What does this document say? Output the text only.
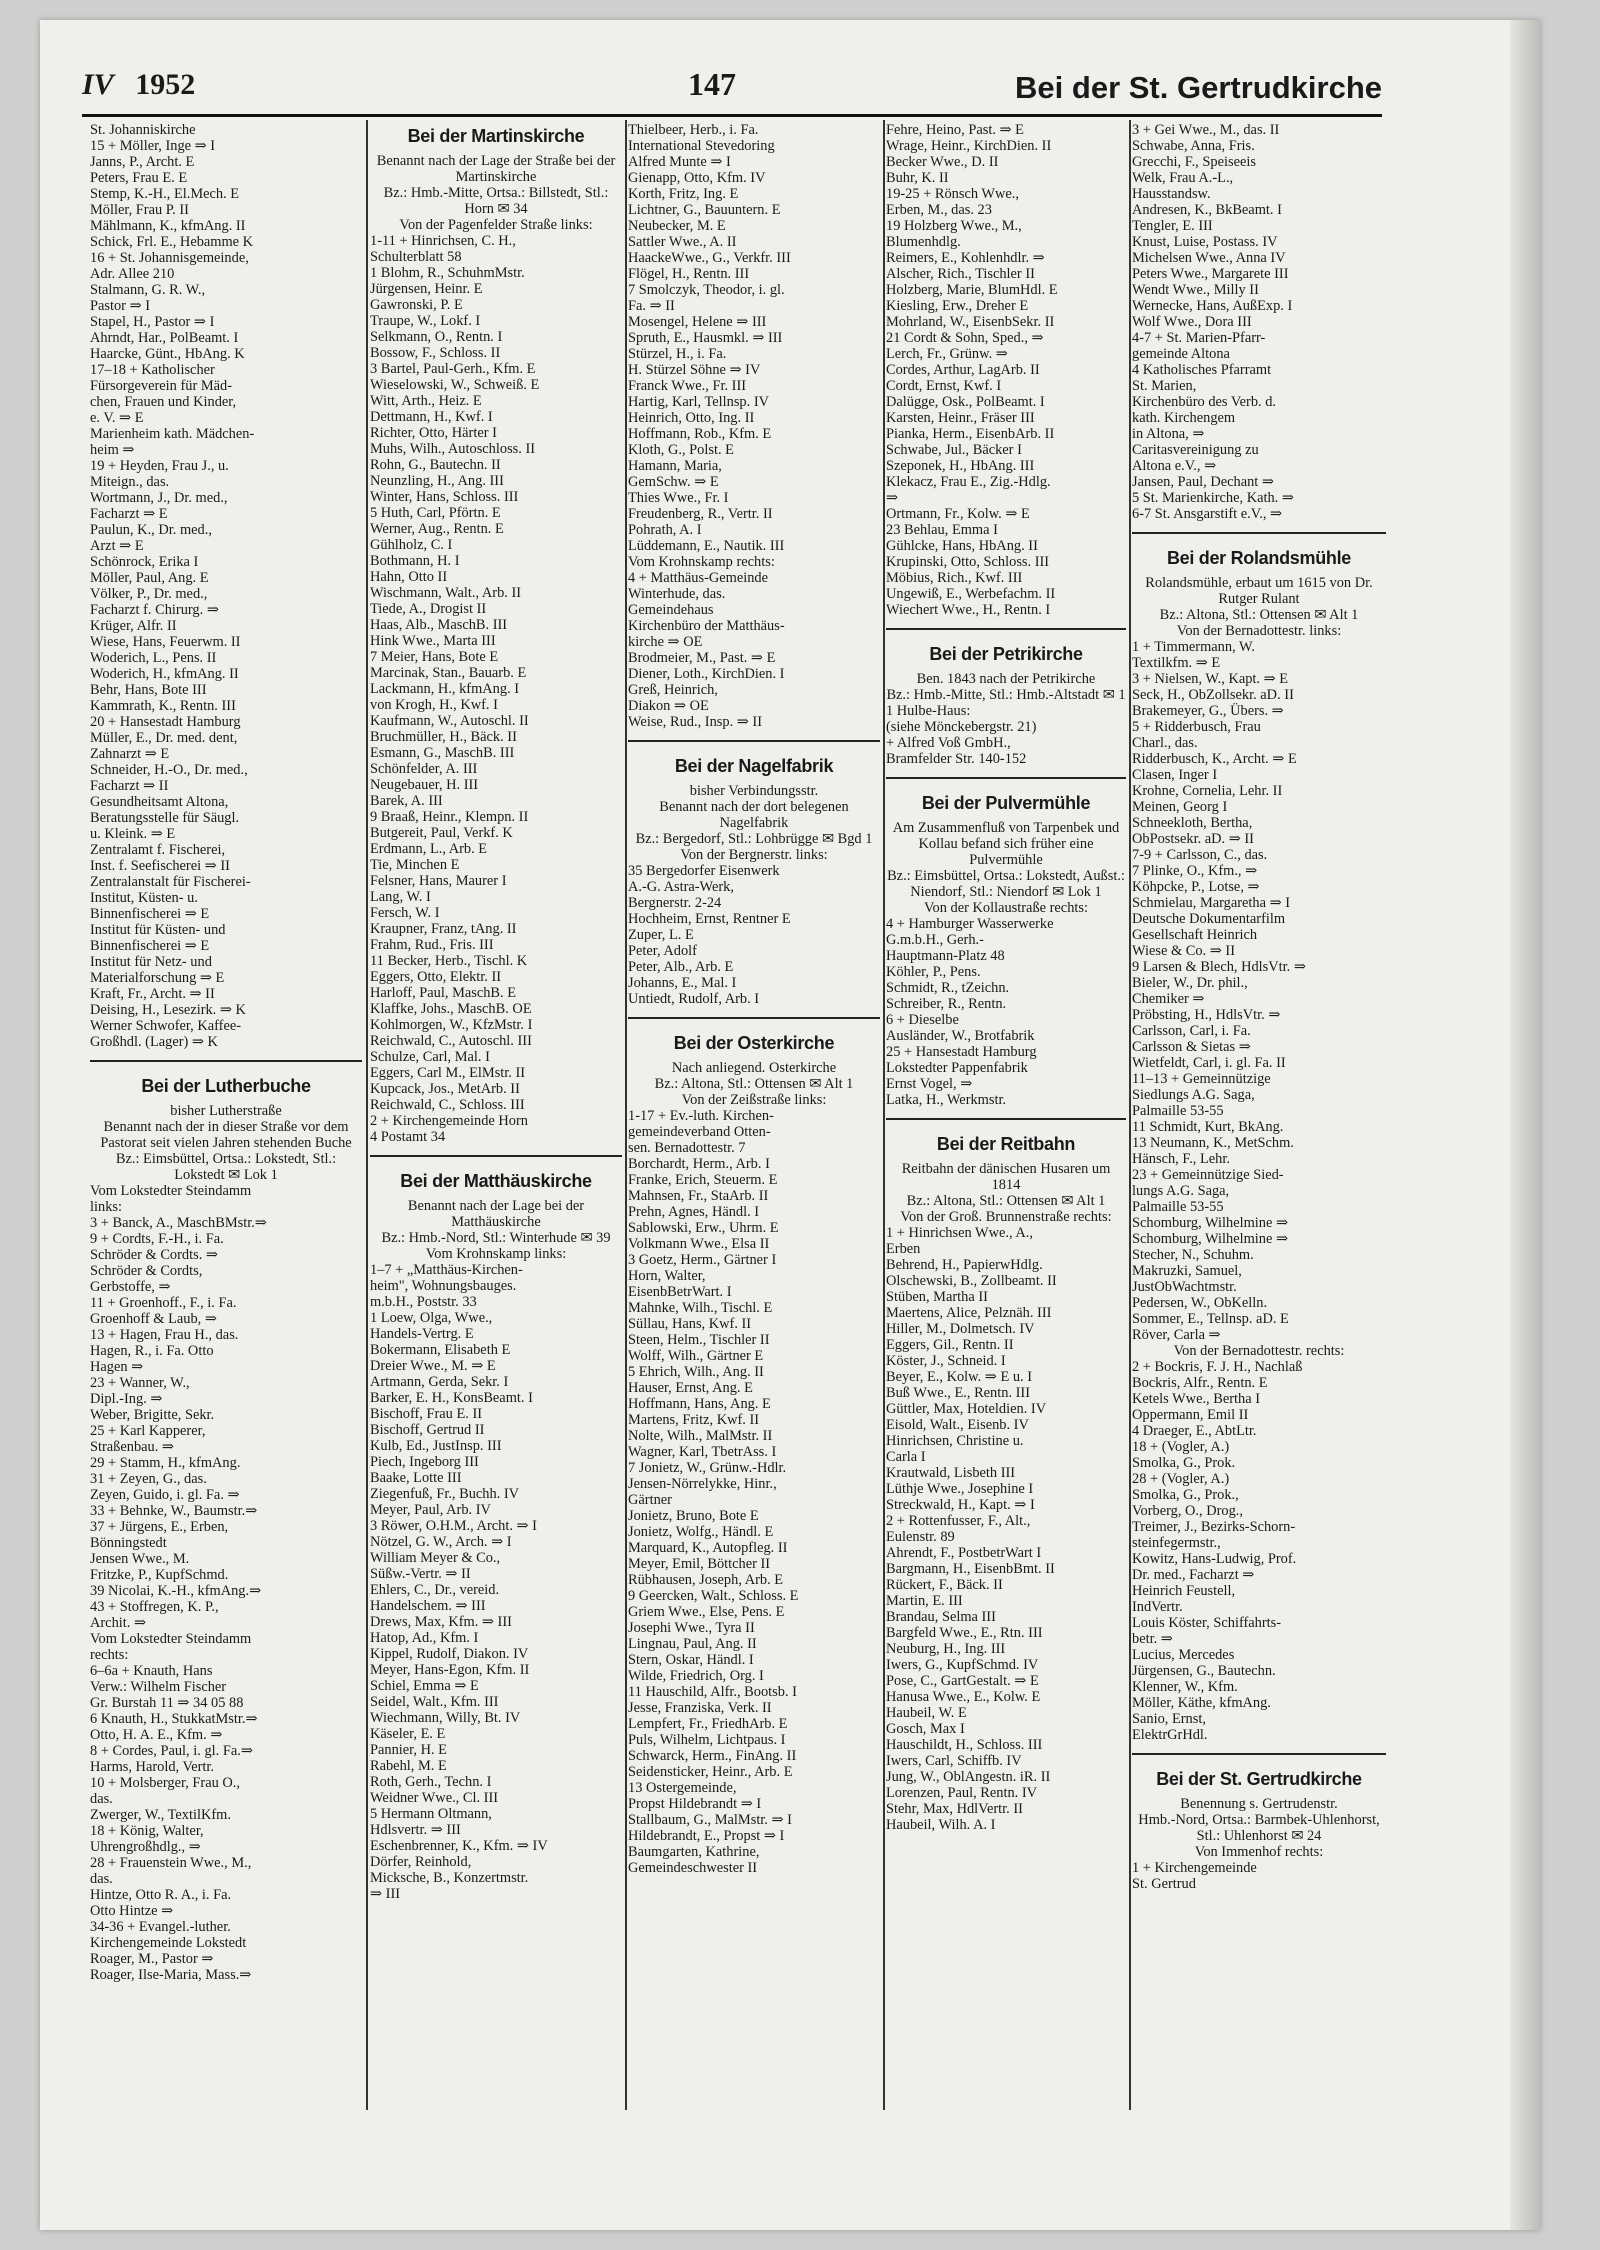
IV 1952	147	Bei der St. Gertrudkirche
St. Johanniskirche
15 + Möller, Inge ⇒ I
Janns, P., Archt. E
Peters, Frau E. E
Stemp, K.-H., El.Mech. E
Möller, Frau P. II
Mählmann, K., kfmAng. II
Schick, Frl. E., Hebamme K
16 + St. Johannisgemeinde,
Adr. Allee 210
Stalmann, G. R. W.,
Pastor ⇒ I
Stapel, H., Pastor ⇒ I
Ahrndt, Har., PolBeamt. I
Haarcke, Günt., HbAng. K
17–18 + Katholischer
Fürsorgeverein für Mäd-
chen, Frauen und Kinder,
e. V. ⇒ E
Marienheim kath. Mädchen-
heim ⇒
19 + Heyden, Frau J., u.
Miteign., das.
Wortmann, J., Dr. med.,
Facharzt ⇒ E
Paulun, K., Dr. med.,
Arzt ⇒ E
Schönrock, Erika I
Möller, Paul, Ang. E
Völker, P., Dr. med.,
Facharzt f. Chirurg. ⇒
Krüger, Alfr. II
Wiese, Hans, Feuerwm. II
Woderich, L., Pens. II
Woderich, H., kfmAng. II
Behr, Hans, Bote III
Kammrath, K., Rentn. III
20 + Hansestadt Hamburg
Müller, E., Dr. med. dent,
Zahnarzt ⇒ E
Schneider, H.-O., Dr. med.,
Facharzt ⇒ II
Gesundheitsamt Altona,
Beratungsstelle für Säugl.
u. Kleink. ⇒ E
Zentralamt f. Fischerei,
Inst. f. Seefischerei ⇒ II
Zentralanstalt für Fischerei-
Institut, Küsten- u.
Binnenfischerei ⇒ E
Institut für Küsten- und
Binnenfischerei ⇒ E
Institut für Netz- und
Materialforschung ⇒ E
Kraft, Fr., Archt. ⇒ II
Deising, H., Lesezirk. ⇒ K
Werner Schwofer, Kaffee-
Großhdl. (Lager) ⇒ K
Bei der Lutherbuche
bisher Lutherstraße
Benannt nach der in dieser Straße vor dem Pastorat seit vielen Jahren stehenden Buche
Bz.: Eimsbüttel, Ortsa.: Lokstedt, Stl.: Lokstedt ✉ Lok 1
Vom Lokstedter Steindamm
links:
3 + Banck, A., MaschBMstr.⇒
9 + Cordts, F.-H., i. Fa.
Schröder & Cordts. ⇒
Schröder & Cordts,
Gerbstoffe, ⇒
11 + Groenhoff., F., i. Fa.
Groenhoff & Laub, ⇒
13 + Hagen, Frau H., das.
Hagen, R., i. Fa. Otto
Hagen ⇒
23 + Wanner, W.,
Dipl.-Ing. ⇒
Weber, Brigitte, Sekr.
25 + Karl Kapperer,
Straßenbau. ⇒
29 + Stamm, H., kfmAng.
31 + Zeyen, G., das.
Zeyen, Guido, i. gl. Fa. ⇒
33 + Behnke, W., Baumstr.⇒
37 + Jürgens, E., Erben,
Bönningstedt
Jensen Wwe., M.
Fritzke, P., KupfSchmd.
39 Nicolai, K.-H., kfmAng.⇒
43 + Stoffregen, K. P.,
Archit. ⇒
Vom Lokstedter Steindamm
rechts:
6–6a + Knauth, Hans
Verw.: Wilhelm Fischer
Gr. Burstah 11 ⇒ 34 05 88
6 Knauth, H., StukkatMstr.⇒
Otto, H. A. E., Kfm. ⇒
8 + Cordes, Paul, i. gl. Fa.⇒
Harms, Harold, Vertr.
10 + Molsberger, Frau O.,
das.
Zwerger, W., TextilKfm.
18 + König, Walter,
Uhrengroßhdlg., ⇒
28 + Frauenstein Wwe., M.,
das.
Hintze, Otto R. A., i. Fa.
Otto Hintze ⇒
34-36 + Evangel.-luther.
Kirchengemeinde Lokstedt
Roager, M., Pastor ⇒
Roager, Ilse-Maria, Mass.⇒
Bei der Martinskirche
Benannt nach der Lage der Straße bei der Martinskirche
Bz.: Hmb.-Mitte, Ortsa.: Billstedt, Stl.: Horn ✉ 34
Von der Pagenfelder Straße links:
1-11 + Hinrichsen, C. H.,
Schulterblatt 58
1 Blohm, R., SchuhmMstr.
Jürgensen, Heinr. E
Gawronski, P. E
Traupe, W., Lokf. I
Selkmann, O., Rentn. I
Bossow, F., Schloss. II
3 Bartel, Paul-Gerh., Kfm. E
Wieselowski, W., Schweiß. E
Witt, Arth., Heiz. E
Dettmann, H., Kwf. I
Richter, Otto, Härter I
Muhs, Wilh., Autoschloss. II
Rohn, G., Bautechn. II
Neunzling, H., Ang. III
Winter, Hans, Schloss. III
5 Huth, Carl, Pförtn. E
Werner, Aug., Rentn. E
Gühlholz, C. I
Bothmann, H. I
Hahn, Otto II
Wischmann, Walt., Arb. II
Tiede, A., Drogist II
Haas, Alb., MaschB. III
Hink Wwe., Marta III
7 Meier, Hans, Bote E
Marcinak, Stan., Bauarb. E
Lackmann, H., kfmAng. I
von Krogh, H., Kwf. I
Kaufmann, W., Autoschl. II
Bruchmüller, H., Bäck. II
Esmann, G., MaschB. III
Schönfelder, A. III
Neugebauer, H. III
Barek, A. III
9 Braaß, Heinr., Klempn. II
Butgereit, Paul, Verkf. K
Erdmann, L., Arb. E
Tie, Minchen E
Felsner, Hans, Maurer I
Lang, W. I
Fersch, W. I
Kraupner, Franz, tAng. II
Frahm, Rud., Fris. III
11 Becker, Herb., Tischl. K
Eggers, Otto, Elektr. II
Harloff, Paul, MaschB. E
Klaffke, Johs., MaschB. OE
Kohlmorgen, W., KfzMstr. I
Reichwald, C., Autoschl. III
Schulze, Carl, Mal. I
Eggers, Carl M., ElMstr. II
Kupcack, Jos., MetArb. II
Reichwald, C., Schloss. III
2 + Kirchengemeinde Horn
4 Postamt 34
Bei der Matthäuskirche
Benannt nach der Lage bei der Matthäuskirche
Bz.: Hmb.-Nord, Stl.: Winterhude ✉ 39
Vom Krohnskamp links:
1–7 + „Matthäus-Kirchen-
heim", Wohnungsbauges.
m.b.H., Poststr. 33
1 Loew, Olga, Wwe.,
Handels-Vertrg. E
Bokermann, Elisabeth E
Dreier Wwe., M. ⇒ E
Artmann, Gerda, Sekr. I
Barker, E. H., KonsBeamt. I
Bischoff, Frau E. II
Bischoff, Gertrud II
Kulb, Ed., JustInsp. III
Piech, Ingeborg III
Baake, Lotte III
Ziegenfuß, Fr., Buchh. IV
Meyer, Paul, Arb. IV
3 Röwer, O.H.M., Archt. ⇒ I
Nötzel, G. W., Arch. ⇒ I
William Meyer & Co.,
Süßw.-Vertr. ⇒ II
Ehlers, C., Dr., vereid.
Handelschem. ⇒ III
Drews, Max, Kfm. ⇒ III
Hatop, Ad., Kfm. I
Kippel, Rudolf, Diakon. IV
Meyer, Hans-Egon, Kfm. II
Schiel, Emma ⇒ E
Seidel, Walt., Kfm. III
Wiechmann, Willy, Bt. IV
Käseler, E. E
Pannier, H. E
Rabehl, M. E
Roth, Gerh., Techn. I
Weidner Wwe., Cl. III
5 Hermann Oltmann,
Hdlsvertr. ⇒ III
Eschenbrenner, K., Kfm. ⇒ IV
Dörfer, Reinhold,
Micksche, B., Konzertmstr.
⇒ III
Thielbeer, Herb., i. Fa.
International Stevedoring
Alfred Munte ⇒ I
Gienapp, Otto, Kfm. IV
Korth, Fritz, Ing. E
Lichtner, G., Bauuntern. E
Neubecker, M. E
Sattler Wwe., A. II
HaackeWwe., G., Verkfr. III
Flögel, H., Rentn. III
7 Smolczyk, Theodor, i. gl.
Fa. ⇒ II
Mosengel, Helene ⇒ III
Spruth, E., Hausmkl. ⇒ III
Stürzel, H., i. Fa.
H. Stürzel Söhne ⇒ IV
Franck Wwe., Fr. III
Hartig, Karl, Tellnsp. IV
Heinrich, Otto, Ing. II
Hoffmann, Rob., Kfm. E
Kloth, G., Polst. E
Hamann, Maria,
GemSchw. ⇒ E
Thies Wwe., Fr. I
Freudenberg, R., Vertr. II
Pohrath, A. I
Lüddemann, E., Nautik. III
Vom Krohnskamp rechts:
4 + Matthäus-Gemeinde
Winterhude, das.
Gemeindehaus
Kirchenbüro der Matthäus-
kirche ⇒ OE
Brodmeier, M., Past. ⇒ E
Diener, Loth., KirchDien. I
Greß, Heinrich,
Diakon ⇒ OE
Weise, Rud., Insp. ⇒ II
Bei der Nagelfabrik
bisher Verbindungsstr.
Benannt nach der dort belegenen Nagelfabrik
Bz.: Bergedorf, Stl.: Lohbrügge ✉ Bgd 1
Von der Bergnerstr. links:
35 Bergedorfer Eisenwerk
A.-G. Astra-Werk,
Bergnerstr. 2-24
Hochheim, Ernst, Rentner E
Zuper, L. E
Peter, Adolf
Peter, Alb., Arb. E
Johanns, E., Mal. I
Untiedt, Rudolf, Arb. I
Bei der Osterkirche
Nach anliegend. Osterkirche
Bz.: Altona, Stl.: Ottensen ✉ Alt 1
Von der Zeißstraße links:
1-17 + Ev.-luth. Kirchen-
gemeindeverband Otten-
sen. Bernadottestr. 7
Borchardt, Herm., Arb. I
Franke, Erich, Steuerm. E
Mahnsen, Fr., StaArb. II
Prehn, Agnes, Händl. I
Sablowski, Erw., Uhrm. E
Volkmann Wwe., Elsa II
3 Goetz, Herm., Gärtner I
Horn, Walter,
EisenbBetrWart. I
Mahnke, Wilh., Tischl. E
Süllau, Hans, Kwf. II
Steen, Helm., Tischler II
Wolff, Wilh., Gärtner E
5 Ehrich, Wilh., Ang. II
Hauser, Ernst, Ang. E
Hoffmann, Hans, Ang. E
Martens, Fritz, Kwf. II
Nolte, Wilh., MalMstr. II
Wagner, Karl, TbetrAss. I
7 Jonietz, W., Grünw.-Hdlr.
Jensen-Nörrelykke, Hinr.,
Gärtner
Jonietz, Bruno, Bote E
Jonietz, Wolfg., Händl. E
Marquard, K., Autopfleg. II
Meyer, Emil, Böttcher II
Rübhausen, Joseph, Arb. E
9 Geercken, Walt., Schloss. E
Griem Wwe., Else, Pens. E
Josephi Wwe., Tyra II
Lingnau, Paul, Ang. II
Stern, Oskar, Händl. I
Wilde, Friedrich, Org. I
11 Hauschild, Alfr., Bootsb. I
Jesse, Franziska, Verk. II
Lempfert, Fr., FriedhArb. E
Puls, Wilhelm, Lichtpaus. I
Schwarck, Herm., FinAng. II
Seidensticker, Heinr., Arb. E
13 Ostergemeinde,
Propst Hildebrandt ⇒ I
Stallbaum, G., MalMstr. ⇒ I
Hildebrandt, E., Propst ⇒ I
Baumgarten, Kathrine,
Gemeindeschwester II
Fehre, Heino, Past. ⇒ E
Wrage, Heinr., KirchDien. II
Becker Wwe., D. II
Buhr, K. II
19-25 + Rönsch Wwe.,
Erben, M., das. 23
19 Holzberg Wwe., M.,
Blumenhdlg.
Reimers, E., Kohlenhdlr. ⇒
Alscher, Rich., Tischler II
Holzberg, Marie, BlumHdl. E
Kiesling, Erw., Dreher E
Mohrland, W., EisenbSekr. II
21 Cordt & Sohn, Sped., ⇒
Lerch, Fr., Grünw. ⇒
Cordes, Arthur, LagArb. II
Cordt, Ernst, Kwf. I
Dalügge, Osk., PolBeamt. I
Karsten, Heinr., Fräser III
Pianka, Herm., EisenbArb. II
Schwabe, Jul., Bäcker I
Szeponek, H., HbAng. III
Klekacz, Frau E., Zig.-Hdlg.
⇒
Ortmann, Fr., Kolw. ⇒ E
23 Behlau, Emma I
Gühlcke, Hans, HbAng. II
Krupinski, Otto, Schloss. III
Möbius, Rich., Kwf. III
Ungewiß, E., Werbefachm. II
Wiechert Wwe., H., Rentn. I
Bei der Petrikirche
Ben. 1843 nach der Petrikirche
Bz.: Hmb.-Mitte, Stl.: Hmb.-Altstadt ✉ 1
1 Hulbe-Haus:
(siehe Mönckebergstr. 21)
+ Alfred Voß GmbH.,
Bramfelder Str. 140-152
Bei der Pulvermühle
Am Zusammenfluß von Tarpenbek und Kollau befand sich früher eine Pulvermühle
Bz.: Eimsbüttel, Ortsa.: Lokstedt, Außst.: Niendorf, Stl.: Niendorf ✉ Lok 1
Von der Kollaustraße rechts:
4 + Hamburger Wasserwerke
G.m.b.H., Gerh.-
Hauptmann-Platz 48
Köhler, P., Pens.
Schmidt, R., tZeichn.
Schreiber, R., Rentn.
6 + Dieselbe
Ausländer, W., Brotfabrik
25 + Hansestadt Hamburg
Lokstedter Pappenfabrik
Ernst Vogel, ⇒
Latka, H., Werkmstr.
Bei der Reitbahn
Reitbahn der dänischen Husaren um 1814
Bz.: Altona, Stl.: Ottensen ✉ Alt 1
Von der Groß. Brunnenstraße rechts:
1 + Hinrichsen Wwe., A.,
Erben
Behrend, H., PapierwHdlg.
Olschewski, B., Zollbeamt. II
Stüben, Martha II
Maertens, Alice, Pelznäh. III
Hiller, M., Dolmetsch. IV
Eggers, Gil., Rentn. II
Köster, J., Schneid. I
Beyer, E., Kolw. ⇒ E u. I
Buß Wwe., E., Rentn. III
Güttler, Max, Hoteldien. IV
Eisold, Walt., Eisenb. IV
Hinrichsen, Christine u.
Carla I
Krautwald, Lisbeth III
Lüthje Wwe., Josephine I
Streckwald, H., Kapt. ⇒ I
2 + Rottenfusser, F., Alt.,
Eulenstr. 89
Ahrendt, F., PostbetrWart I
Bargmann, H., EisenbBmt. II
Rückert, F., Bäck. II
Martin, E. III
Brandau, Selma III
Bargfeld Wwe., E., Rtn. III
Neuburg, H., Ing. III
Iwers, G., KupfSchmd. IV
Pose, C., GartGestalt. ⇒ E
Hanusa Wwe., E., Kolw. E
Haubeil, W. E
Gosch, Max I
Hauschildt, H., Schloss. III
Iwers, Carl, Schiffb. IV
Jung, W., OblAngestn. iR. II
Lorenzen, Paul, Rentn. IV
Stehr, Max, HdlVertr. II
Haubeil, Wilh. A. I
3 + Gei Wwe., M., das. II
Schwabe, Anna, Fris.
Grecchi, F., Speiseeis
Welk, Frau A.-L.,
Hausstandsw.
Andresen, K., BkBeamt. I
Tengler, E. III
Knust, Luise, Postass. IV
Michelsen Wwe., Anna IV
Peters Wwe., Margarete III
Wendt Wwe., Milly II
Wernecke, Hans, AußExp. I
Wolf Wwe., Dora III
4-7 + St. Marien-Pfarr-
gemeinde Altona
4 Katholisches Pfarramt
St. Marien,
Kirchenbüro des Verb. d.
kath. Kirchengem
in Altona, ⇒
Caritasvereinigung zu
Altona e.V., ⇒
Jansen, Paul, Dechant ⇒
5 St. Marienkirche, Kath. ⇒
6-7 St. Ansgarstift e.V., ⇒
Bei der Rolandsmühle
Rolandsmühle, erbaut um 1615 von Dr. Rutger Rulant
Bz.: Altona, Stl.: Ottensen ✉ Alt 1
Von der Bernadottestr. links:
1 + Timmermann, W.
Textilkfm. ⇒ E
3 + Nielsen, W., Kapt. ⇒ E
Seck, H., ObZollsekr. aD. II
Brakemeyer, G., Übers. ⇒
5 + Ridderbusch, Frau
Charl., das.
Ridderbusch, K., Archt. ⇒ E
Clasen, Inger I
Krohne, Cornelia, Lehr. II
Meinen, Georg I
Schneekloth, Bertha,
ObPostsekr. aD. ⇒ II
7-9 + Carlsson, C., das.
7 Plinke, O., Kfm., ⇒
Köhpcke, P., Lotse, ⇒
Schmielau, Margaretha ⇒ I
Deutsche Dokumentarfilm
Gesellschaft Heinrich
Wiese & Co. ⇒ II
9 Larsen & Blech, HdlsVtr. ⇒
Bieler, W., Dr. phil.,
Chemiker ⇒
Pröbsting, H., HdlsVtr. ⇒
Carlsson, Carl, i. Fa.
Carlsson & Sietas ⇒
Wietfeldt, Carl, i. gl. Fa. II
11–13 + Gemeinnützige
Siedlungs A.G. Saga,
Palmaille 53-55
11 Schmidt, Kurt, BkAng.
13 Neumann, K., MetSchm.
Hänsch, F., Lehr.
23 + Gemeinnützige Sied-
lungs A.G. Saga,
Palmaille 53-55
Schomburg, Wilhelmine ⇒
Schomburg, Wilhelmine ⇒
Stecher, N., Schuhm.
Makruzki, Samuel,
JustObWachtmstr.
Pedersen, W., ObKelln.
Sommer, E., Tellnsp. aD. E
Röver, Carla ⇒
Von der Bernadottestr. rechts:
2 + Bockris, F. J. H., Nachlaß
Bockris, Alfr., Rentn. E
Ketels Wwe., Bertha I
Oppermann, Emil II
4 Draeger, E., AbtLtr.
18 + (Vogler, A.)
Smolka, G., Prok.
28 + (Vogler, A.)
Smolka, G., Prok.,
Vorberg, O., Drog.,
Treimer, J., Bezirks-Schorn-
steinfegermstr.,
Kowitz, Hans-Ludwig, Prof.
Dr. med., Facharzt ⇒
Heinrich Feustell,
IndVertr.
Louis Köster, Schiffahrts-
betr. ⇒
Lucius, Mercedes
Jürgensen, G., Bautechn.
Klenner, W., Kfm.
Möller, Käthe, kfmAng.
Sanio, Ernst,
ElektrGrHdl.
Bei der St. Gertrudkirche
Benennung s. Gertrudenstr.
Hmb.-Nord, Ortsa.: Barmbek-Uhlenhorst, Stl.: Uhlenhorst ✉ 24
Von Immenhof rechts:
1 + Kirchengemeinde
St. Gertrud
